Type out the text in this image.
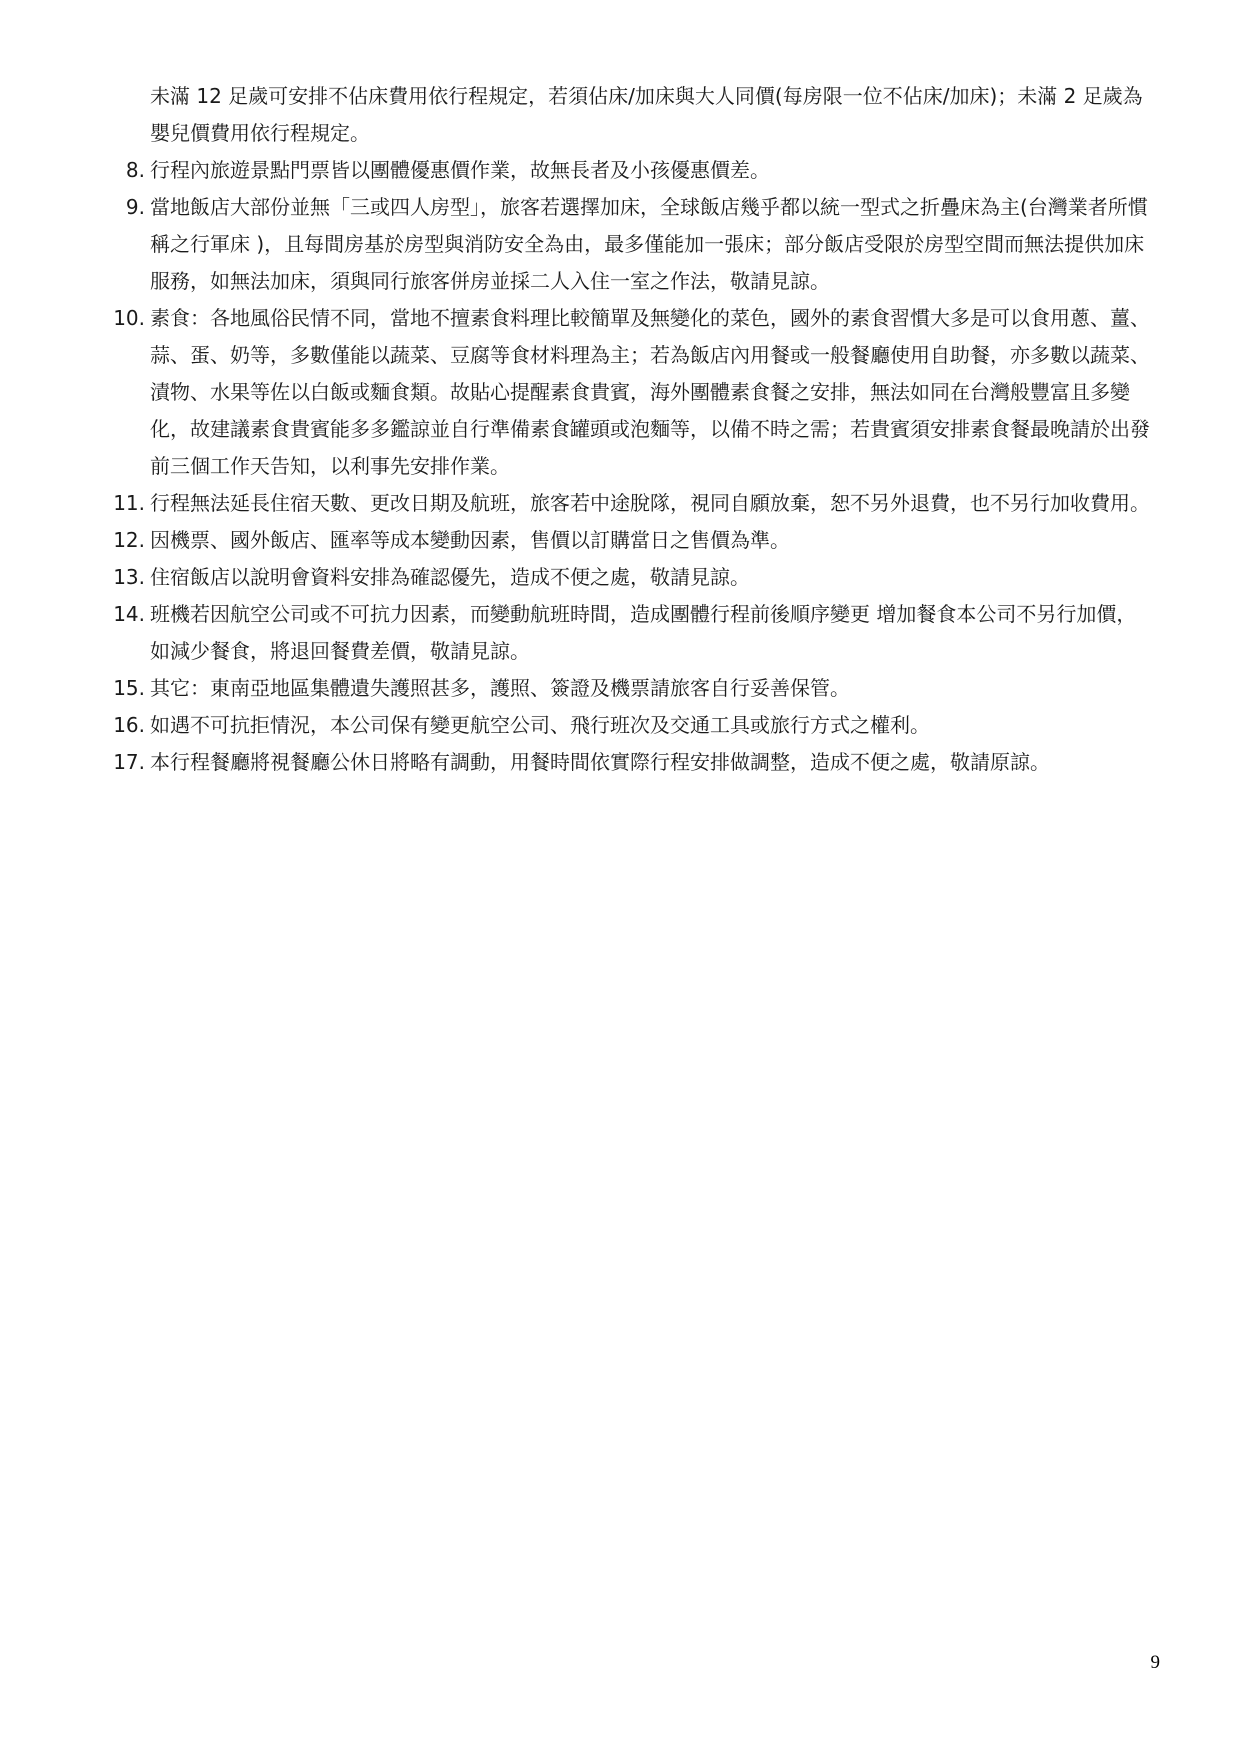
未滿 12 足歲可安排不佔床費用依行程規定，若須佔床/加床與大人同價(每房限一位不佔床/加床)；未滿 2 足歲為嬰兒價費用依行程規定。

8. 行程內旅遊景點門票皆以團體優惠價作業，故無長者及小孩優惠價差。
9. 當地飯店大部份並無「三或四人房型」，旅客若選擇加床，全球飯店幾乎都以統一型式之折疊床為主(台灣業者所慣稱之行軍床 )，且每間房基於房型與消防安全為由，最多僅能加一張床；部分飯店受限於房型空間而無法提供加床服務，如無法加床，須與同行旅客併房並採二人入住一室之作法，敬請見諒。
10. 素食：各地風俗民情不同，當地不擅素食料理比較簡單及無變化的菜色，國外的素食習慣大多是可以食用蔥、薑、蒜、蛋、奶等，多數僅能以蔬菜、豆腐等食材料理為主；若為飯店內用餐或一般餐廳使用自助餐，亦多數以蔬菜、漬物、水果等佐以白飯或麵食類。故貼心提醒素食貴賓，海外團體素食餐之安排，無法如同在台灣般豐富且多變化，故建議素食貴賓能多多鑑諒並自行準備素食罐頭或泡麵等，以備不時之需；若貴賓須安排素食餐最晚請於出發前三個工作天告知，以利事先安排作業。
11. 行程無法延長住宿天數、更改日期及航班，旅客若中途脫隊，視同自願放棄，恕不另外退費，也不另行加收費用。
12. 因機票、國外飯店、匯率等成本變動因素，售價以訂購當日之售價為準。
13. 住宿飯店以說明會資料安排為確認優先，造成不便之處，敬請見諒。
14. 班機若因航空公司或不可抗力因素，而變動航班時間，造成團體行程前後順序變更 增加餐食本公司不另行加價，如減少餐食，將退回餐費差價，敬請見諒。
15. 其它：東南亞地區集體遺失護照甚多，護照、簽證及機票請旅客自行妥善保管。
16. 如遇不可抗拒情況，本公司保有變更航空公司、飛行班次及交通工具或旅行方式之權利。
17. 本行程餐廳將視餐廳公休日將略有調動，用餐時間依實際行程安排做調整，造成不便之處，敬請原諒。
9
